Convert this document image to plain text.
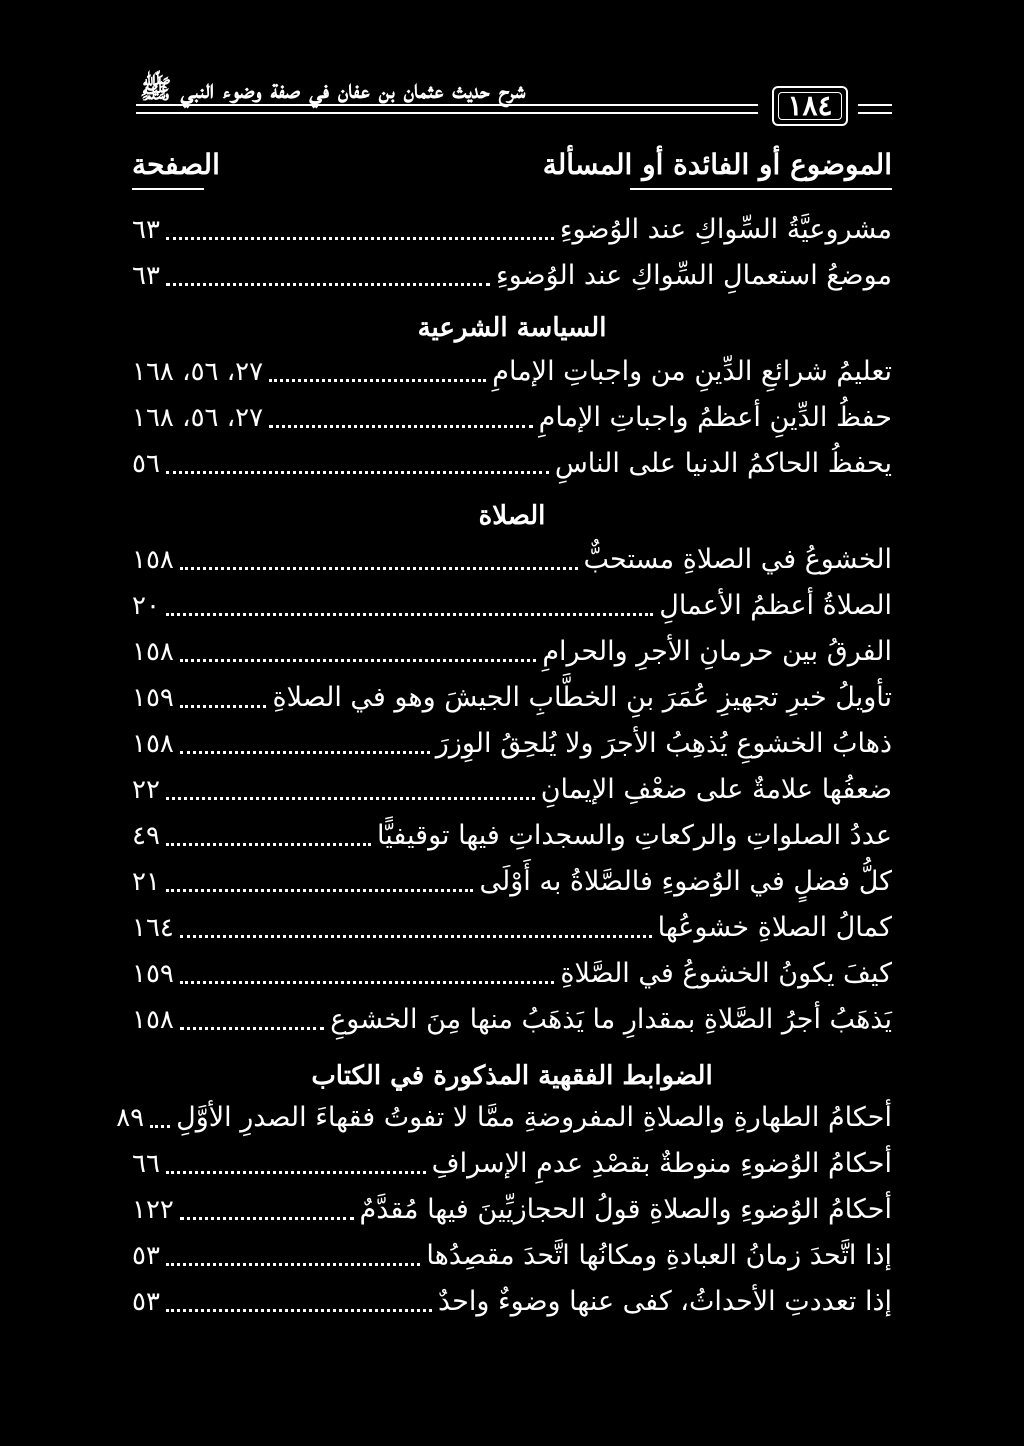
شرح حديث عثمان بن عفان في صفة وضوء النبي ﷺ	١٨٤
الموضوع أو الفائدة أو المسألة
الصفحة
مشروعيَّةُ السِّواكِ عند الوُضوءِ
٦٣
موضعُ استعمالِ السِّواكِ عند الوُضوءِ
٦٣
السياسة الشرعية
تعليمُ شرائعِ الدِّينِ من واجباتِ الإمامِ
٢٧، ٥٦، ١٦٨
حفظُ الدِّينِ أعظمُ واجباتِ الإمامِ
٢٧، ٥٦، ١٦٨
يحفظُ الحاكمُ الدنيا على الناسِ
٥٦
الصلاة
الخشوعُ في الصلاةِ مستحبٌّ
١٥٨
الصلاةُ أعظمُ الأعمالِ
٢٠
الفرقُ بين حرمانِ الأجرِ والحرامِ
١٥٨
تأويلُ خبرِ تجهيزِ عُمَرَ بنِ الخطَّابِ الجيشَ وهو في الصلاةِ
١٥٩
ذهابُ الخشوعِ يُذهِبُ الأجرَ ولا يُلحِقُ الوِزرَ
١٥٨
ضعفُها علامةٌ على ضعْفِ الإيمانِ
٢٢
عددُ الصلواتِ والركعاتِ والسجداتِ فيها توقيفيًّا
٤٩
كلُّ فضلٍ في الوُضوءِ فالصَّلاةُ به أَوْلَى
٢١
كمالُ الصلاةِ خشوعُها
١٦٤
كيفَ يكونُ الخشوعُ في الصَّلاةِ
١٥٩
يَذهَبُ أجرُ الصَّلاةِ بمقدارِ ما يَذهَبُ منها مِنَ الخشوعِ
١٥٨
الضوابط الفقهية المذكورة في الكتاب
أحكامُ الطهارةِ والصلاةِ المفروضةِ ممَّا لا تفوتُ فقهاءَ الصدرِ الأوَّلِ
٨٩
أحكامُ الوُضوءِ منوطةٌ بقصْدِ عدمِ الإسرافِ
٦٦
أحكامُ الوُضوءِ والصلاةِ قولُ الحجازيِّينَ فيها مُقدَّمٌ
١٢٢
إذا اتَّحدَ زمانُ العبادةِ ومكانُها اتَّحدَ مقصِدُها
٥٣
إذا تعددتِ الأحداثُ، كفى عنها وضوءٌ واحدٌ
٥٣
